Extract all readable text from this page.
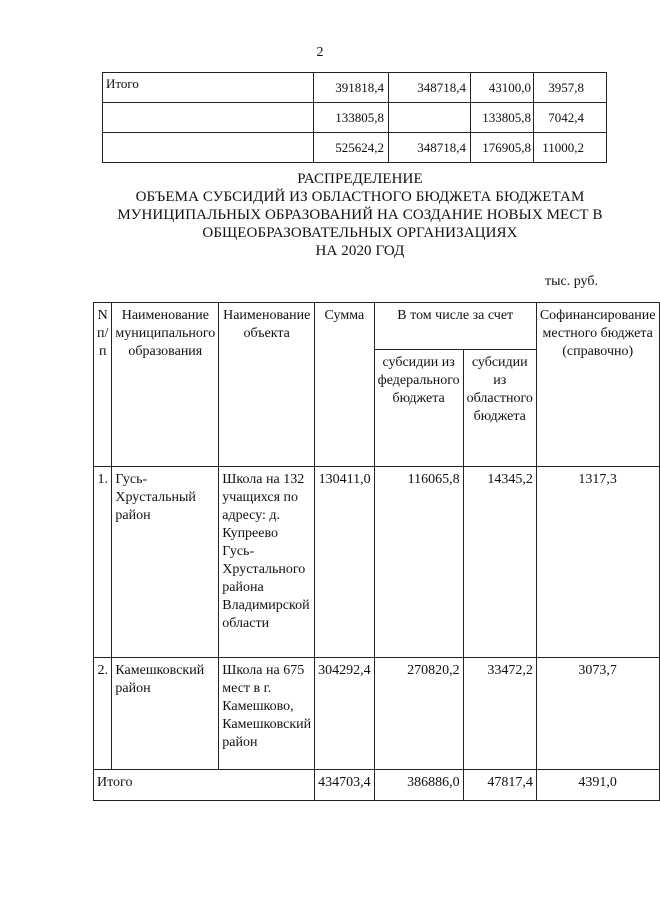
2
Итого	391818,4	348718,4	43100,0	3957,8
	133805,8		133805,8	7042,4
	525624,2	348718,4	176905,8	11000,2
РАСПРЕДЕЛЕНИЕ
ОБЪЕМА СУБСИДИЙ ИЗ ОБЛАСТНОГО БЮДЖЕТА БЮДЖЕТАМ
МУНИЦИПАЛЬНЫХ ОБРАЗОВАНИЙ НА СОЗДАНИЕ НОВЫХ МЕСТ В
ОБЩЕОБРАЗОВАТЕЛЬНЫХ ОРГАНИЗАЦИЯХ
НА 2020 ГОД
тыс. руб.
N п/п	Наименование муниципального образования	Наименование объекта	Сумма	В том числе за счет		Софинансирование местного бюджета (справочно)
				субсидии из федерального бюджета	субсидии из областного бюджета	
1.	Гусь-Хрустальный район	Школа на 132 учащихся по адресу: д. Купреево Гусь-Хрустального района Владимирской области	130411,0	116065,8	14345,2	1317,3
2.	Камешковский район	Школа на 675 мест в г. Камешково, Камешковский район	304292,4	270820,2	33472,2	3073,7
Итого			434703,4	386886,0	47817,4	4391,0
